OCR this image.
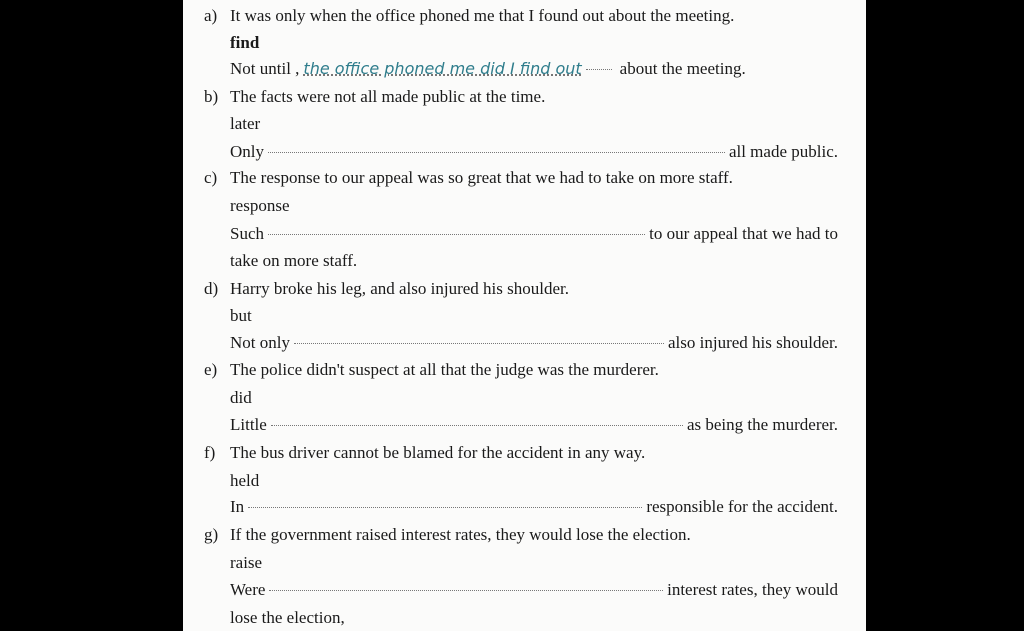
a) It was only when the office phoned me that I found out about the meeting.
find
Not until , the office phoned me did I find out about the meeting.
b) The facts were not all made public at the time.
later
Only	all made public.
c) The response to our appeal was so great that we had to take on more staff.
response
Such	to our appeal that we had to
take on more staff.
d) Harry broke his leg, and also injured his shoulder.
but
Not only	also injured his shoulder.
e) The police didn't suspect at all that the judge was the murderer.
did
Little	as being the murderer.
f) The bus driver cannot be blamed for the accident in any way.
held
In	responsible for the accident.
g) If the government raised interest rates, they would lose the election.
raise
Were	interest rates, they would
lose the election,
